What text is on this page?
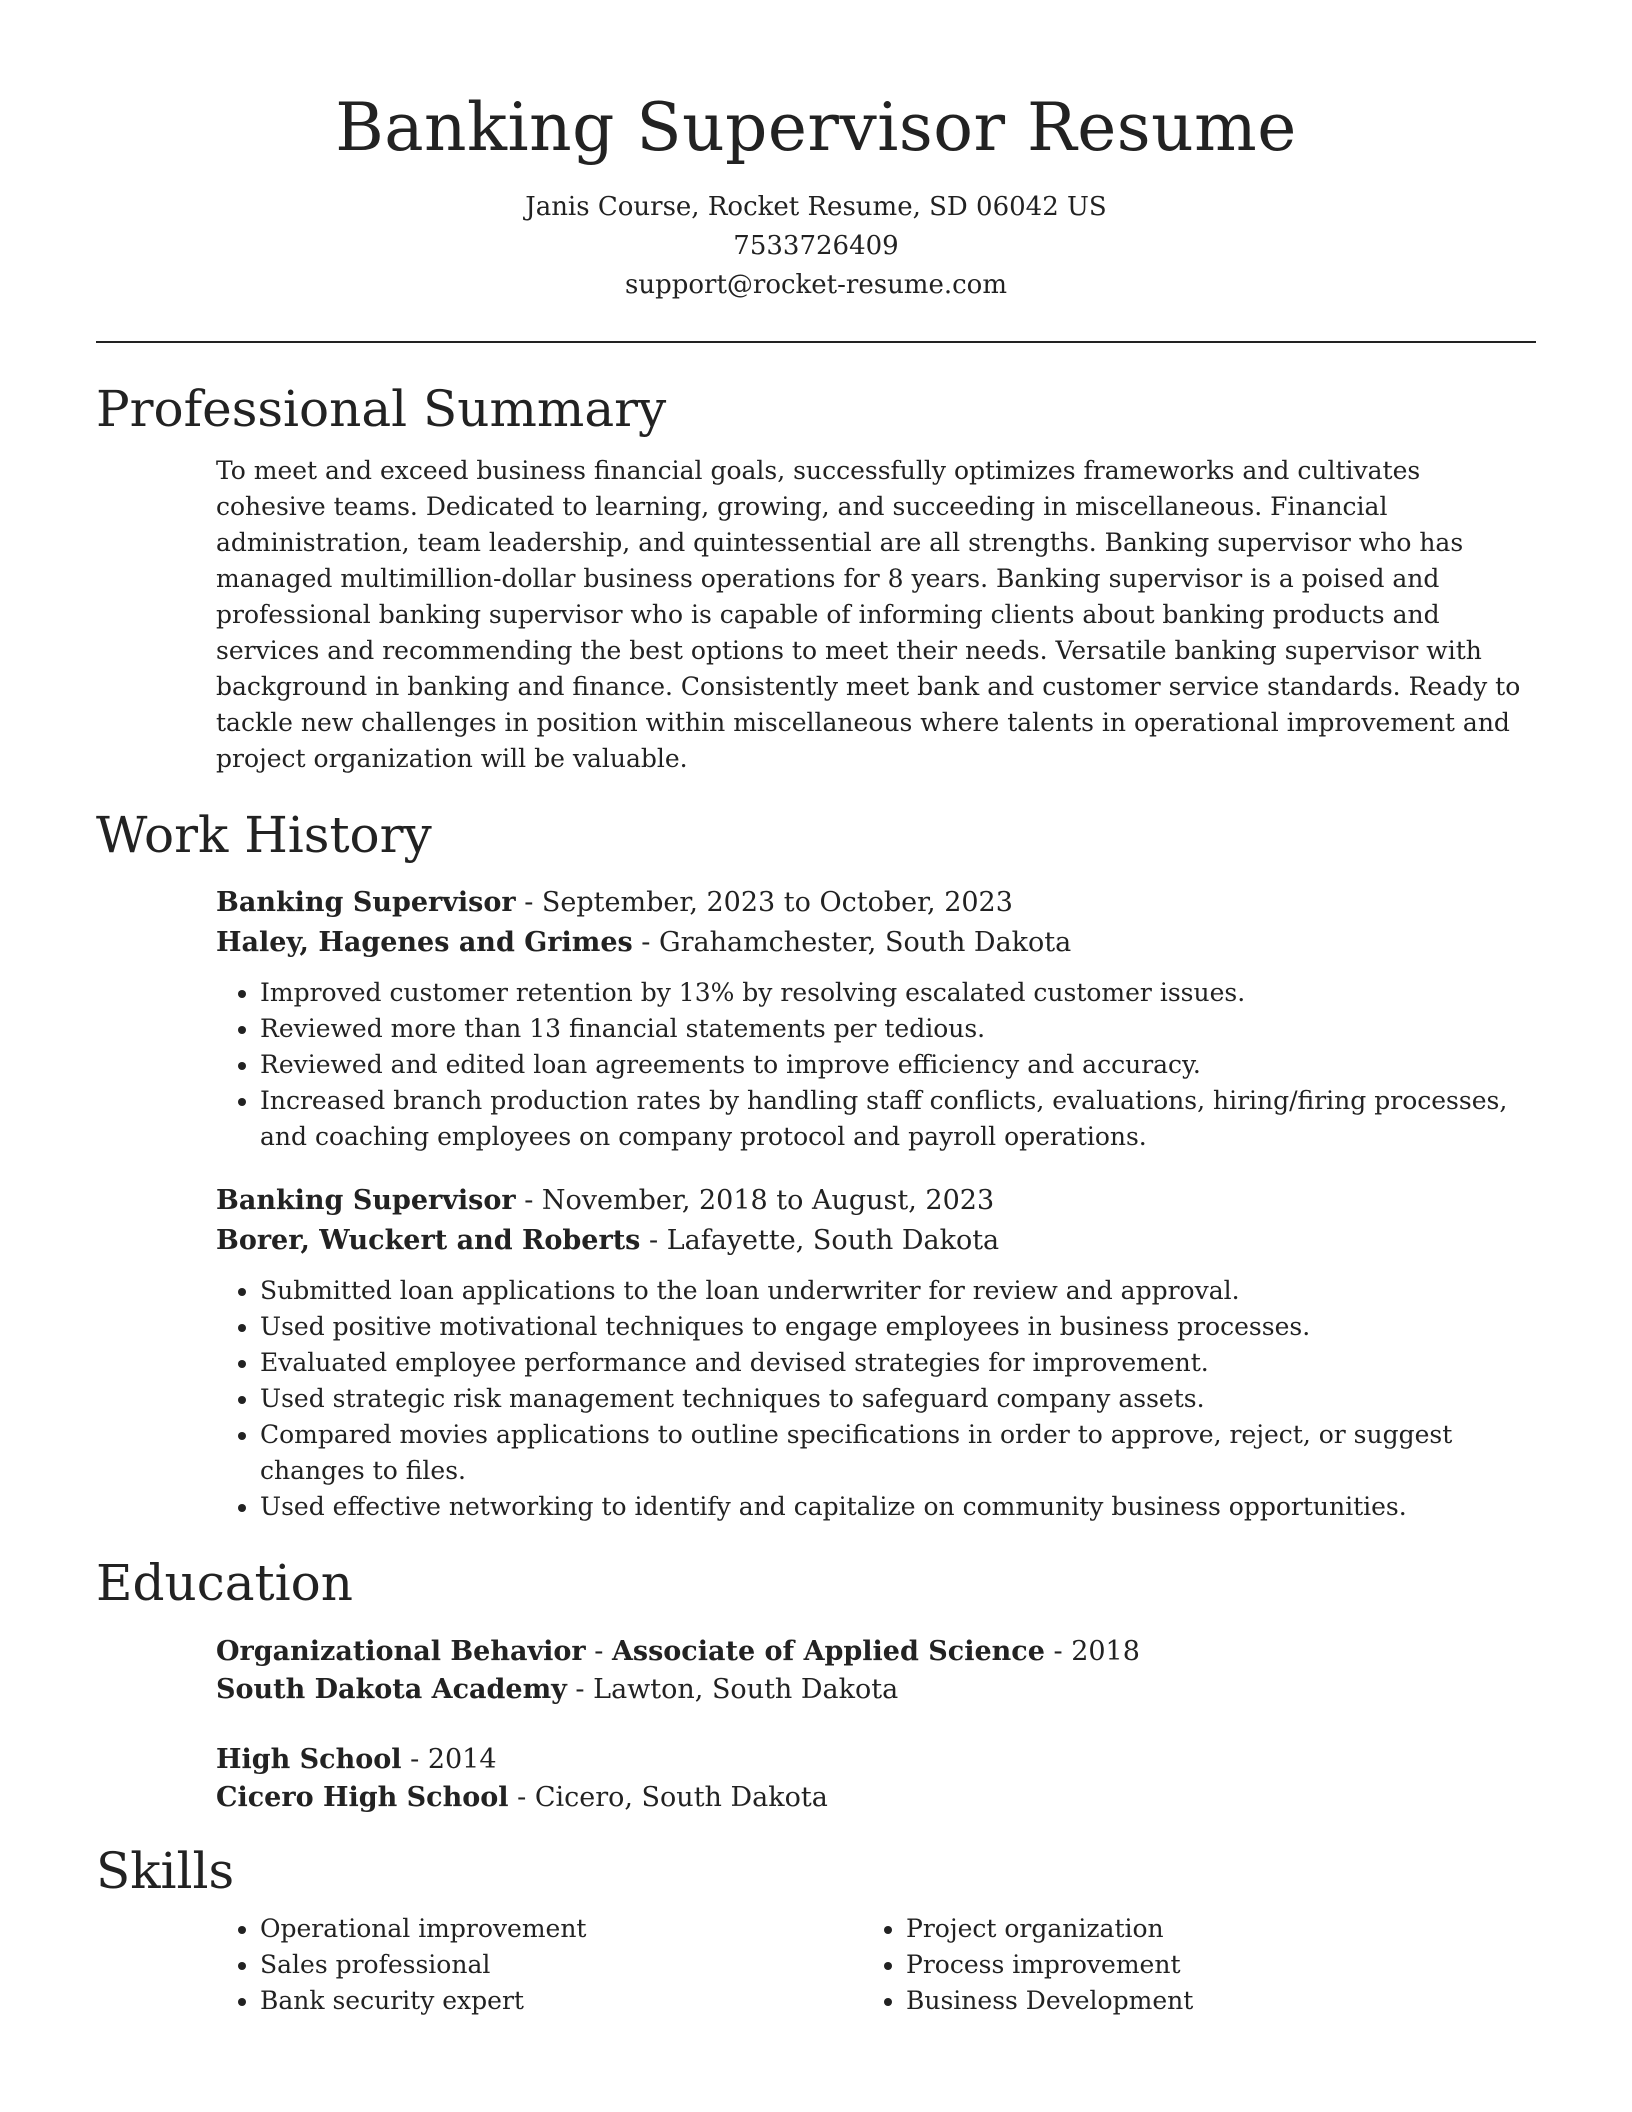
Banking Supervisor Resume
Janis Course, Rocket Resume, SD 06042 US
7533726409
support@rocket-resume.com
Professional Summary

To meet and exceed business financial goals, successfully optimizes frameworks and cultivates cohesive teams. Dedicated to learning, growing, and succeeding in miscellaneous. Financial administration, team leadership, and quintessential are all strengths. Banking supervisor who has managed multimillion-dollar business operations for 8 years. Banking supervisor is a poised and professional banking supervisor who is capable of informing clients about banking products and services and recommending the best options to meet their needs. Versatile banking supervisor with background in banking and finance. Consistently meet bank and customer service standards. Ready to tackle new challenges in position within miscellaneous where talents in operational improvement and project organization will be valuable.

Work History
Banking Supervisor - September, 2023 to October, 2023
Haley, Hagenes and Grimes - Grahamchester, South Dakota
• Improved customer retention by 13% by resolving escalated customer issues.
• Reviewed more than 13 financial statements per tedious.
• Reviewed and edited loan agreements to improve efficiency and accuracy.
• Increased branch production rates by handling staff conflicts, evaluations, hiring/firing processes, and coaching employees on company protocol and payroll operations.
Banking Supervisor - November, 2018 to August, 2023
Borer, Wuckert and Roberts - Lafayette, South Dakota
• Submitted loan applications to the loan underwriter for review and approval.
• Used positive motivational techniques to engage employees in business processes.
• Evaluated employee performance and devised strategies for improvement.
• Used strategic risk management techniques to safeguard company assets.
• Compared movies applications to outline specifications in order to approve, reject, or suggest changes to files.
• Used effective networking to identify and capitalize on community business opportunities.
Education
Organizational Behavior - Associate of Applied Science - 2018
South Dakota Academy - Lawton, South Dakota
High School - 2014
Cicero High School - Cicero, South Dakota
Skills
• Operational improvement
• Sales professional
• Bank security expert
• Project organization
• Process improvement
• Business Development
